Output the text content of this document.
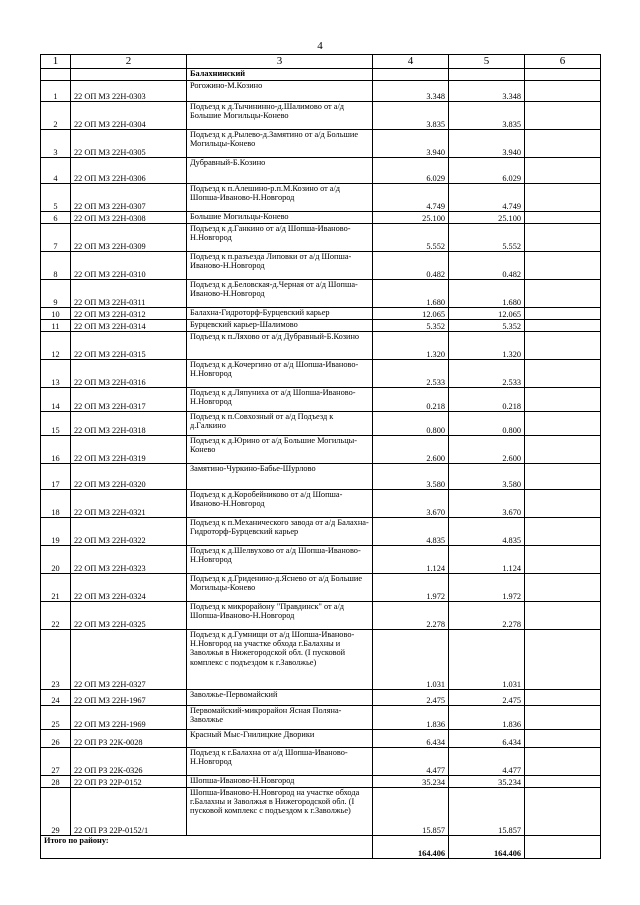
4
1	2	3	4	5	6
		Балахнинский			
1	22 ОП МЗ 22Н-0303	Рогожино-М.Козино	3.348	3.348	
2	22 ОП МЗ 22Н-0304	Подъезд к д.Тычининно-д.Шалимово от а/д Большие Могильцы-Конево	3.835	3.835	
3	22 ОП МЗ 22Н-0305	Подъезд к д.Рылево-д.Замятино от а/д Большие Могильцы-Конево	3.940	3.940	
4	22 ОП МЗ 22Н-0306	Дубравный-Б.Козино	6.029	6.029	
5	22 ОП МЗ 22Н-0307	Подъезд к п.Алешино-р.п.М.Козино от а/д Шопша-Иваново-Н.Новгород	4.749	4.749	
6	22 ОП МЗ 22Н-0308	Большие Могильцы-Конево	25.100	25.100	
7	22 ОП МЗ 22Н-0309	Подъезд к д.Ганкино от а/д Шопша-Иваново-Н.Новгород	5.552	5.552	
8	22 ОП МЗ 22Н-0310	Подъезд к п.разъезда Липовки от а/д Шопша-Иваново-Н.Новгород	0.482	0.482	
9	22 ОП МЗ 22Н-0311	Подъезд к д.Беловская-д.Черная от а/д Шопша-Иваново-Н.Новгород	1.680	1.680	
10	22 ОП МЗ 22Н-0312	Балахна-Гидроторф-Бурцевский карьер	12.065	12.065	
11	22 ОП МЗ 22Н-0314	Бурцевский карьер-Шалимово	5.352	5.352	
12	22 ОП МЗ 22Н-0315	Подъезд к п.Ляхово от а/д Дубравный-Б.Козино	1.320	1.320	
13	22 ОП МЗ 22Н-0316	Подъезд к д.Кочергино от а/д Шопша-Иваново-Н.Новгород	2.533	2.533	
14	22 ОП МЗ 22Н-0317	Подъезд к д.Ляпунихa от а/д Шопша-Иваново-Н.Новгород	0.218	0.218	
15	22 ОП МЗ 22Н-0318	Подъезд к п.Совхозный от а/д Подъезд к д.Галкино	0.800	0.800	
16	22 ОП МЗ 22Н-0319	Подъезд к д.Юрино от а/д Большие Могильцы-Конево	2.600	2.600	
17	22 ОП МЗ 22Н-0320	Замятино-Чуркино-Бабье-Шурлово	3.580	3.580	
18	22 ОП МЗ 22Н-0321	Подъезд к д.Коробейниково от а/д Шопша-Иваново-Н.Новгород	3.670	3.670	
19	22 ОП МЗ 22Н-0322	Подъезд к п.Механического завода от а/д Балахна-Гидроторф-Бурцевский карьер	4.835	4.835	
20	22 ОП МЗ 22Н-0323	Подъезд к д.Шелвухово от а/д Шопша-Иваново-Н.Новгород	1.124	1.124	
21	22 ОП МЗ 22Н-0324	Подъезд к д.Гриденино-д.Яснево от а/д Большие Могильцы-Конево	1.972	1.972	
22	22 ОП МЗ 22Н-0325	Подъезд к микрорайону "Правдинск" от а/д Шопша-Иваново-Н.Новгород	2.278	2.278	
23	22 ОП МЗ 22Н-0327	Подъезд к д.Гумнищи от а/д Шопша-Иваново-Н.Новгород на участке обхода г.Балахны и Заволжья в Нижегородской обл. (I пусковой комплекс с подъездом к г.Заволжье)	1.031	1.031	
24	22 ОП МЗ 22Н-1967	Заволжье-Первомайский	2.475	2.475	
25	22 ОП МЗ 22Н-1969	Первомайский-микрорайон Ясная Поляна-Заволжье	1.836	1.836	
26	22 ОП РЗ 22К-0028	Красный Мыс-Гнилицкие Дворики	6.434	6.434	
27	22 ОП РЗ 22К-0326	Подъезд к г.Балахна от а/д Шопша-Иваново-Н.Новгород	4.477	4.477	
28	22 ОП РЗ 22Р-0152	Шопша-Иваново-Н.Новгород	35.234	35.234	
29	22 ОП РЗ 22Р-0152/1	Шопша-Иваново-Н.Новгород на участке обхода г.Балахны и Заволжья в Нижегородской обл. (I пусковой комплекс с подъездом к г.Заволжье)	15.857	15.857	
Итого по району:			164.406	164.406	
